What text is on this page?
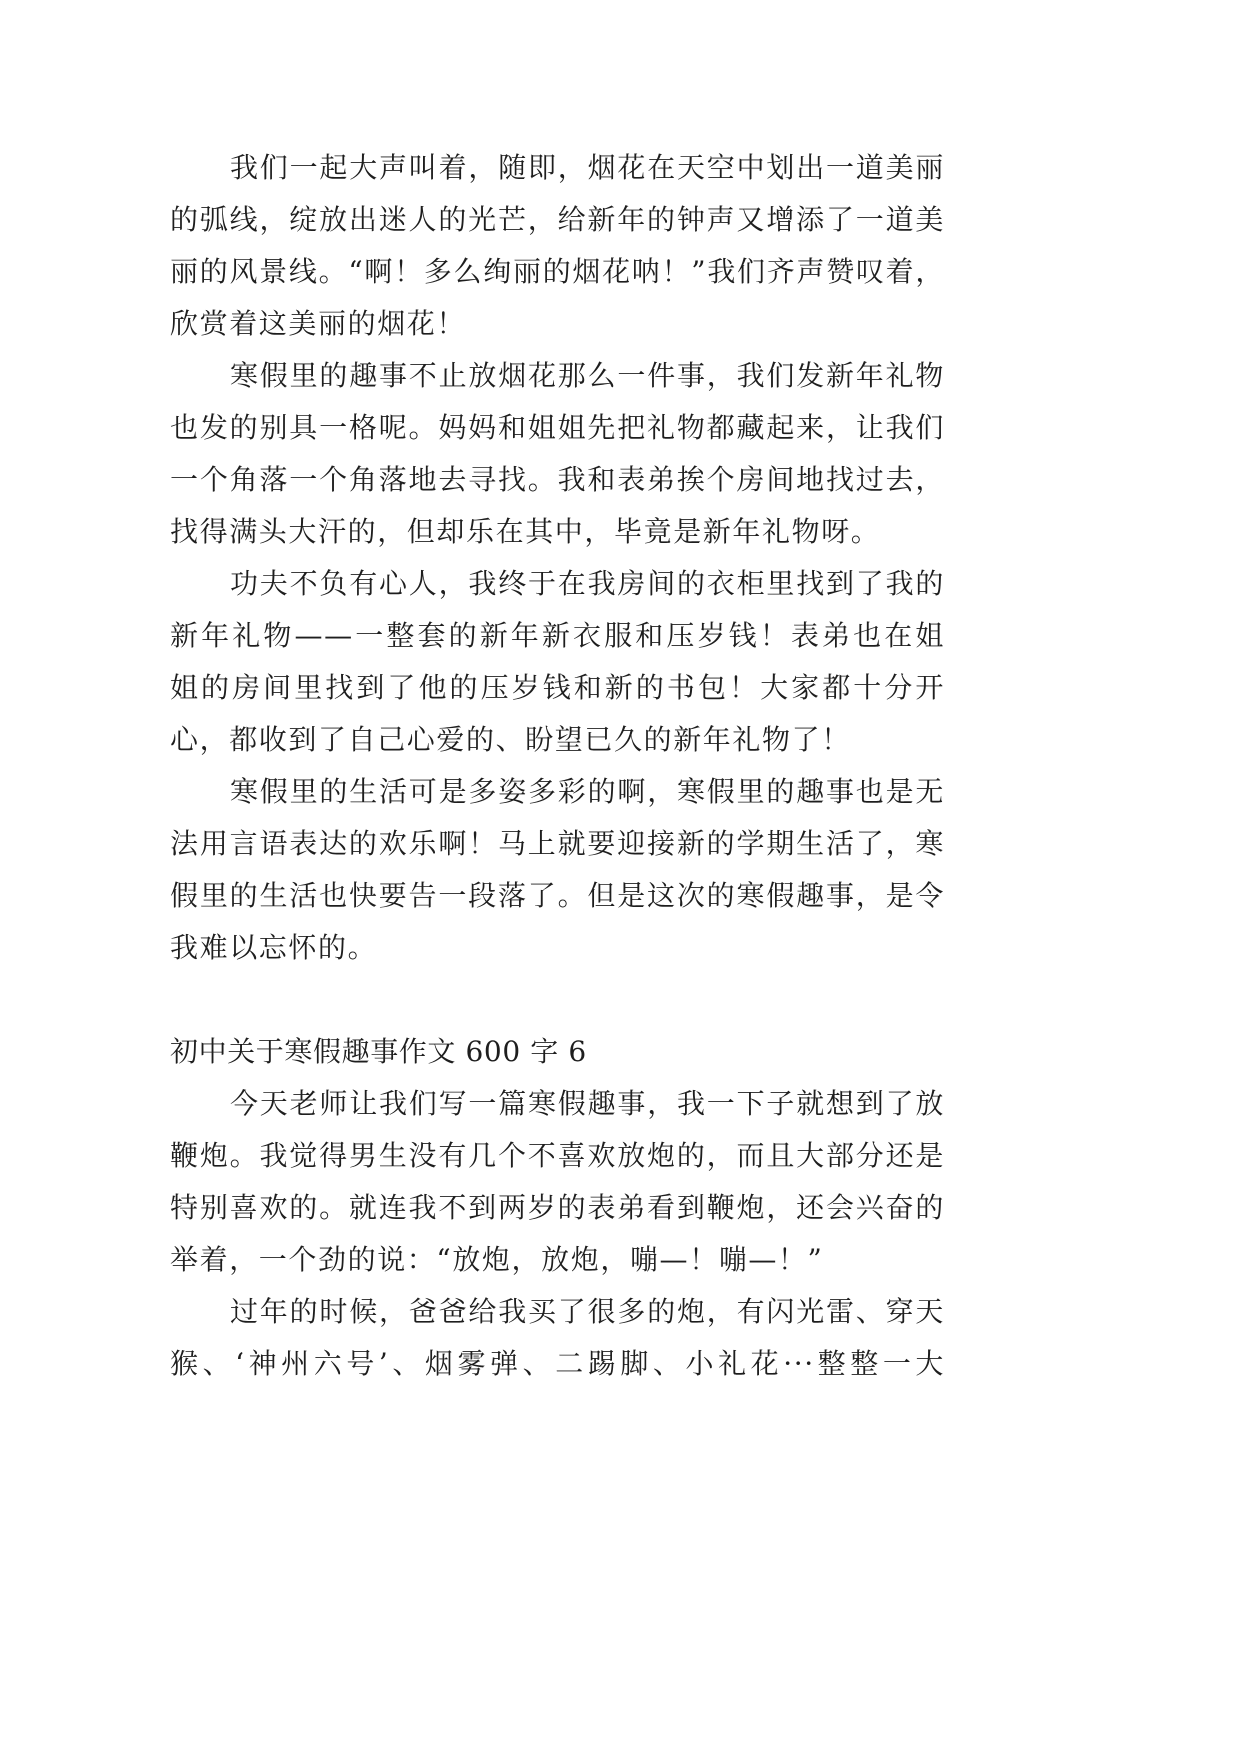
我们一起大声叫着，随即，烟花在天空中划出一道美丽
的弧线，绽放出迷人的光芒，给新年的钟声又增添了一道美
丽的风景线。“啊！多么绚丽的烟花呐！”我们齐声赞叹着，
欣赏着这美丽的烟花！
寒假里的趣事不止放烟花那么一件事，我们发新年礼物
也发的别具一格呢。妈妈和姐姐先把礼物都藏起来，让我们
一个角落一个角落地去寻找。我和表弟挨个房间地找过去，
找得满头大汗的，但却乐在其中，毕竟是新年礼物呀。
功夫不负有心人，我终于在我房间的衣柜里找到了我的
新年礼物——一整套的新年新衣服和压岁钱！表弟也在姐
姐的房间里找到了他的压岁钱和新的书包！大家都十分开
心，都收到了自己心爱的、盼望已久的新年礼物了！
寒假里的生活可是多姿多彩的啊，寒假里的趣事也是无
法用言语表达的欢乐啊！马上就要迎接新的学期生活了，寒
假里的生活也快要告一段落了。但是这次的寒假趣事，是令
我难以忘怀的。
初中关于寒假趣事作文 600 字 6
今天老师让我们写一篇寒假趣事，我一下子就想到了放
鞭炮。我觉得男生没有几个不喜欢放炮的，而且大部分还是
特别喜欢的。就连我不到两岁的表弟看到鞭炮，还会兴奋的
举着，一个劲的说：“放炮，放炮，嘣—！嘣—！”
过年的时候，爸爸给我买了很多的炮，有闪光雷、穿天
猴、‘神州六号’、烟雾弹、二踢脚、小礼花···整整一大
